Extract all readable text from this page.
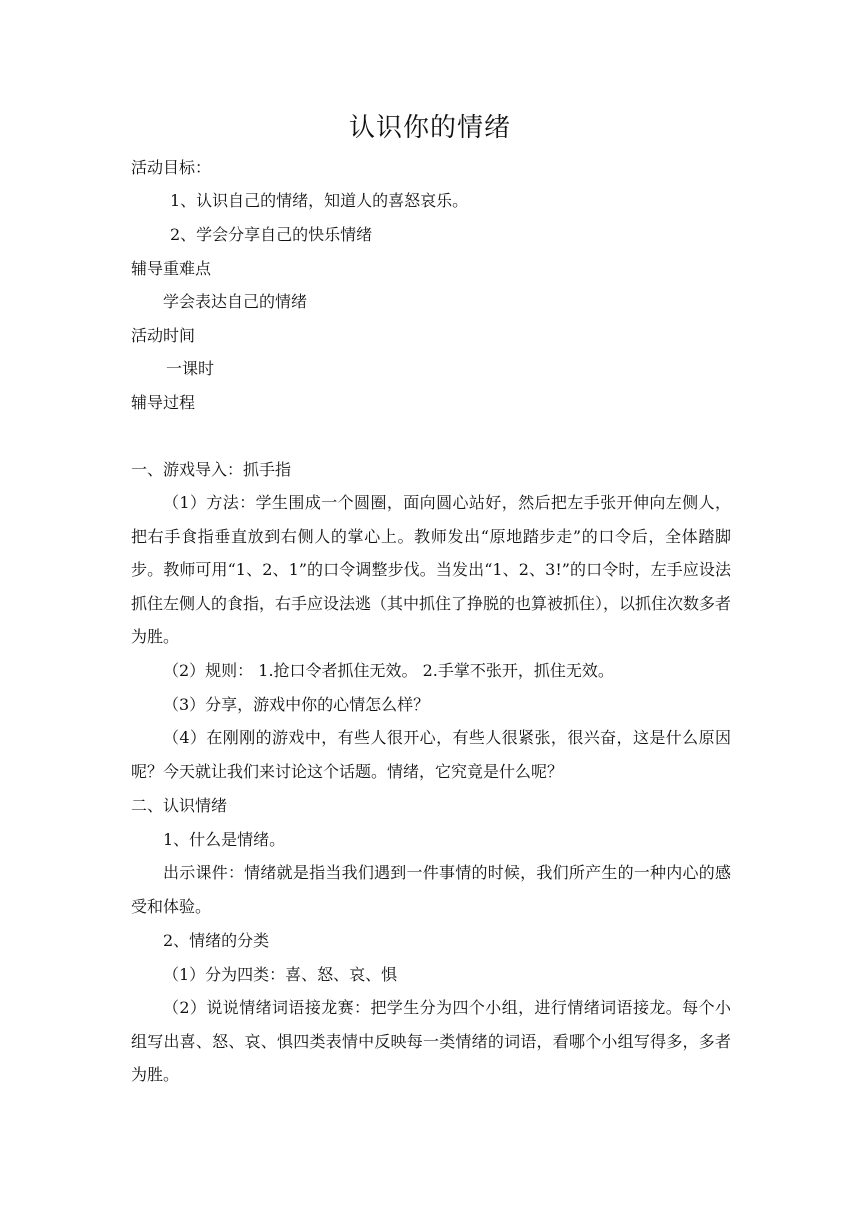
认识你的情绪
活动目标：
1、认识自己的情绪，知道人的喜怒哀乐。
2、学会分享自己的快乐情绪
辅导重难点
学会表达自己的情绪
活动时间
一课时
辅导过程
一、游戏导入：抓手指
（1）方法：学生围成一个圆圈，面向圆心站好，然后把左手张开伸向左侧人，把右手食指垂直放到右侧人的掌心上。教师发出“原地踏步走”的口令后，全体踏脚步。教师可用“1、2、1”的口令调整步伐。当发出“1、2、3!”的口令时，左手应设法抓住左侧人的食指，右手应设法逃（其中抓住了挣脱的也算被抓住），以抓住次数多者为胜。
（2）规则： 1.抢口令者抓住无效。 2.手掌不张开，抓住无效。
（3）分享，游戏中你的心情怎么样？
（4）在刚刚的游戏中，有些人很开心，有些人很紧张，很兴奋，这是什么原因呢？今天就让我们来讨论这个话题。情绪，它究竟是什么呢？
二、认识情绪
1、什么是情绪。
出示课件：情绪就是指当我们遇到一件事情的时候，我们所产生的一种内心的感受和体验。
2、情绪的分类
（1）分为四类：喜、怒、哀、惧
（2）说说情绪词语接龙赛：把学生分为四个小组，进行情绪词语接龙。每个小组写出喜、怒、哀、惧四类表情中反映每一类情绪的词语，看哪个小组写得多，多者为胜。
